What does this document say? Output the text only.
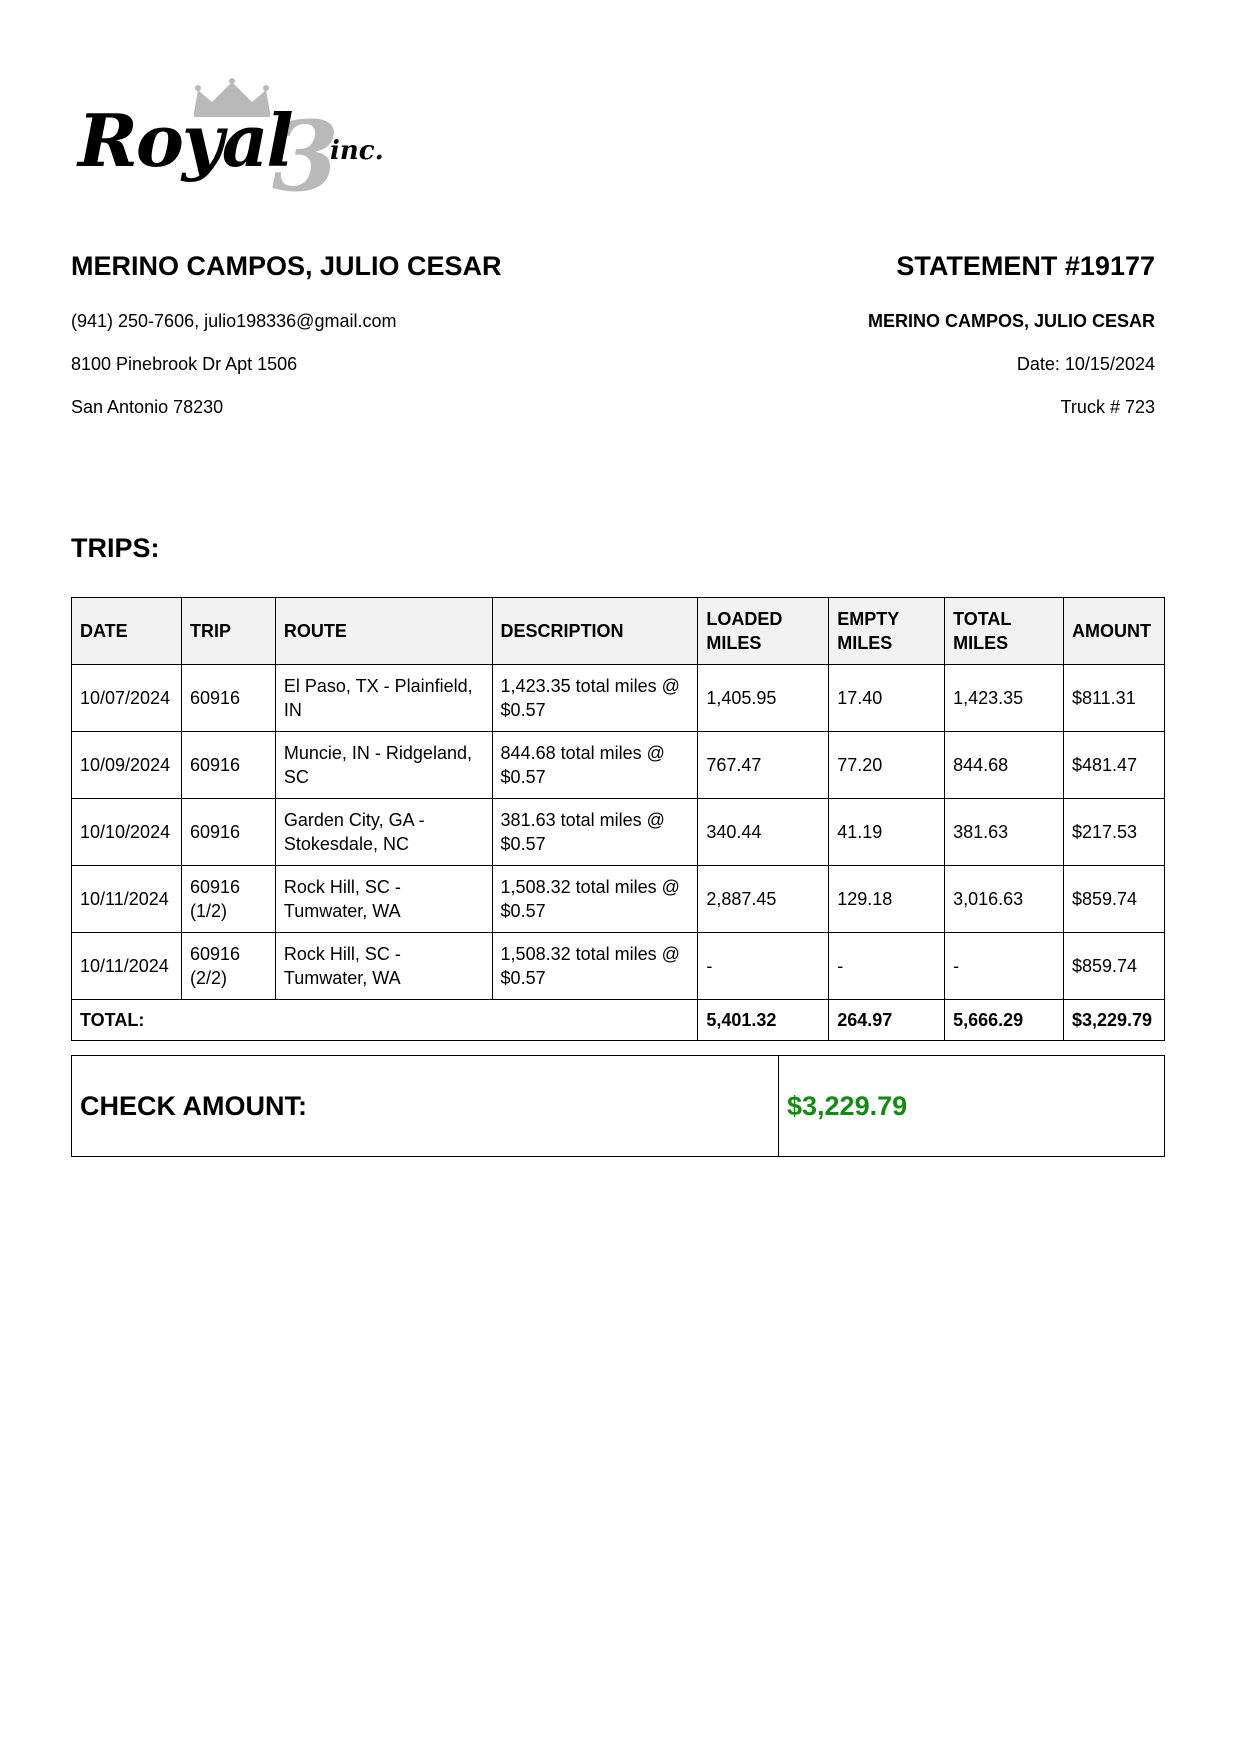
3
Royal inc.
MERINO CAMPOS, JULIO CESAR
(941) 250-7606, julio198336@gmail.com
8100 Pinebrook Dr Apt 1506
San Antonio 78230
STATEMENT #19177
MERINO CAMPOS, JULIO CESAR
Date: 10/15/2024
Truck # 723
TRIPS:
DATE	TRIP	ROUTE	DESCRIPTION	LOADED MILES	EMPTY MILES	TOTAL MILES	AMOUNT
10/07/2024	60916	El Paso, TX - Plainfield, IN	1,423.35 total miles @ $0.57	1,405.95	17.40	1,423.35	$811.31
10/09/2024	60916	Muncie, IN - Ridgeland, SC	844.68 total miles @ $0.57	767.47	77.20	844.68	$481.47
10/10/2024	60916	Garden City, GA - Stokesdale, NC	381.63 total miles @ $0.57	340.44	41.19	381.63	$217.53
10/11/2024	60916 (1/2)	Rock Hill, SC - Tumwater, WA	1,508.32 total miles @ $0.57	2,887.45	129.18	3,016.63	$859.74
10/11/2024	60916 (2/2)	Rock Hill, SC - Tumwater, WA	1,508.32 total miles @ $0.57	-	-	-	$859.74
TOTAL:				5,401.32	264.97	5,666.29	$3,229.79
CHECK AMOUNT:	$3,229.79
